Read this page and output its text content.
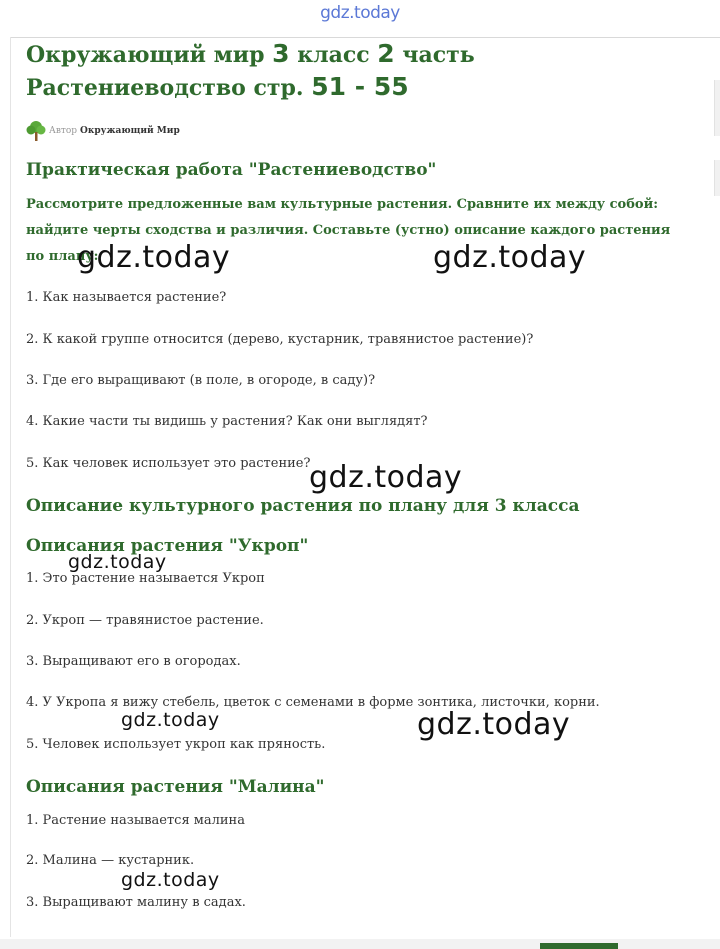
gdz.today
Окружающий мир 3 класс 2 часть Растениеводство стр. 51 - 55
Автор Окружающий Мир
Практическая работа "Растениеводство"
Рассмотрите предложенные вам культурные растения. Сравните их между собой: найдите черты сходства и различия. Составьте (устно) описание каждого растения по плану:
1. Как называется растение?
2. К какой группе относится (дерево, кустарник, травянистое растение)?
3. Где его выращивают (в поле, в огороде, в саду)?
4. Какие части ты видишь у растения? Как они выглядят?
5. Как человек использует это растение?
Описание культурного растения по плану для 3 класса
Описания растения "Укроп"
1. Это растение называется Укроп
2. Укроп — травянистое растение.
3. Выращивают его в огородах.
4. У Укропа я вижу стебель, цветок с семенами в форме зонтика, листочки, корни.
5. Человек использует укроп как пряность.
Описания растения "Малина"
1. Растение называется малина
2. Малина — кустарник.
3. Выращивают малину в садах.
gdz.today	gdz.today
gdz.today
gdz.today
gdz.today	gdz.today
gdz.today
